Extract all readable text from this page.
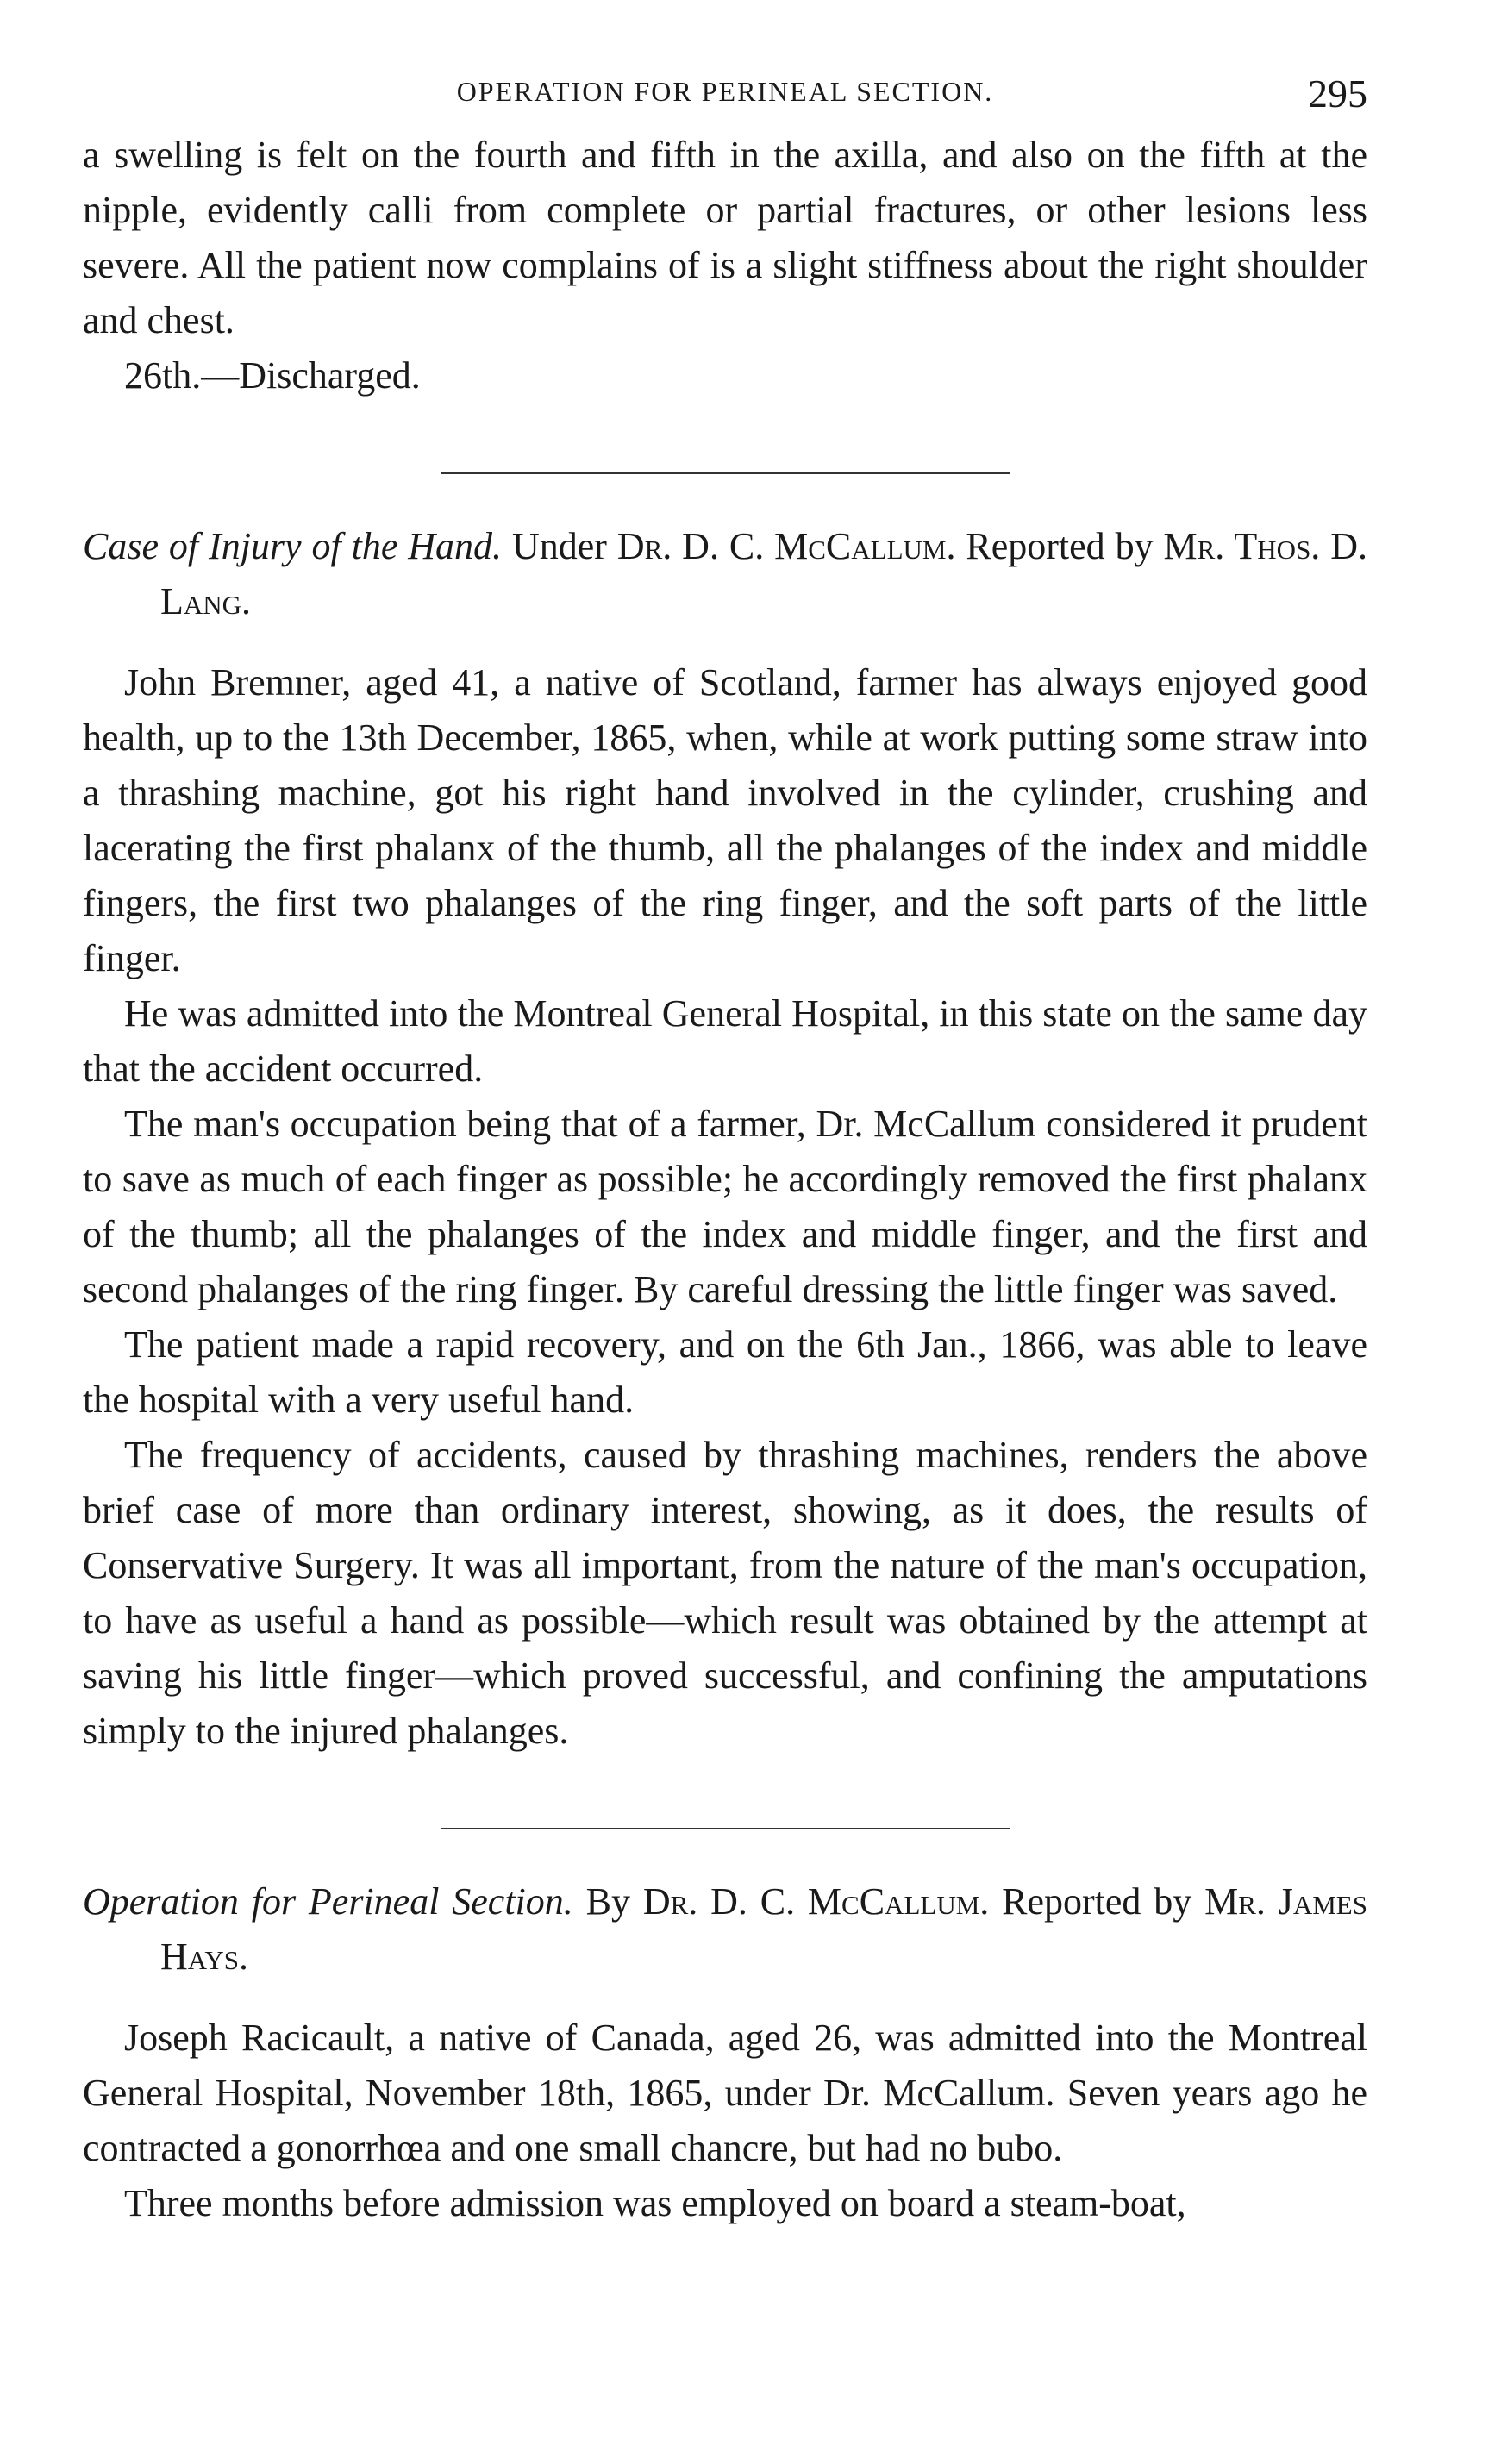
OPERATION FOR PERINEAL SECTION.	295

a swelling is felt on the fourth and fifth in the axilla, and also on the fifth at the nipple, evidently calli from complete or partial fractures, or other lesions less severe. All the patient now complains of is a slight stiffness about the right shoulder and chest.

26th.—Discharged.

Case of Injury of the Hand. Under Dr. D. C. McCallum. Reported by Mr. Thos. D. Lang.

John Bremner, aged 41, a native of Scotland, farmer has always enjoyed good health, up to the 13th December, 1865, when, while at work putting some straw into a thrashing machine, got his right hand involved in the cylinder, crushing and lacerating the first phalanx of the thumb, all the phalanges of the index and middle fingers, the first two phalanges of the ring finger, and the soft parts of the little finger.

He was admitted into the Montreal General Hospital, in this state on the same day that the accident occurred.

The man's occupation being that of a farmer, Dr. McCallum considered it prudent to save as much of each finger as possible; he accordingly removed the first phalanx of the thumb; all the phalanges of the index and middle finger, and the first and second phalanges of the ring finger. By careful dressing the little finger was saved.

The patient made a rapid recovery, and on the 6th Jan., 1866, was able to leave the hospital with a very useful hand.

The frequency of accidents, caused by thrashing machines, renders the above brief case of more than ordinary interest, showing, as it does, the results of Conservative Surgery. It was all important, from the nature of the man's occupation, to have as useful a hand as possible—which result was obtained by the attempt at saving his little finger—which proved successful, and confining the amputations simply to the injured phalanges.

Operation for Perineal Section. By Dr. D. C. McCallum. Reported by Mr. James Hays.

Joseph Racicault, a native of Canada, aged 26, was admitted into the Montreal General Hospital, November 18th, 1865, under Dr. McCallum. Seven years ago he contracted a gonorrhœa and one small chancre, but had no bubo.

Three months before admission was employed on board a steam-boat,
